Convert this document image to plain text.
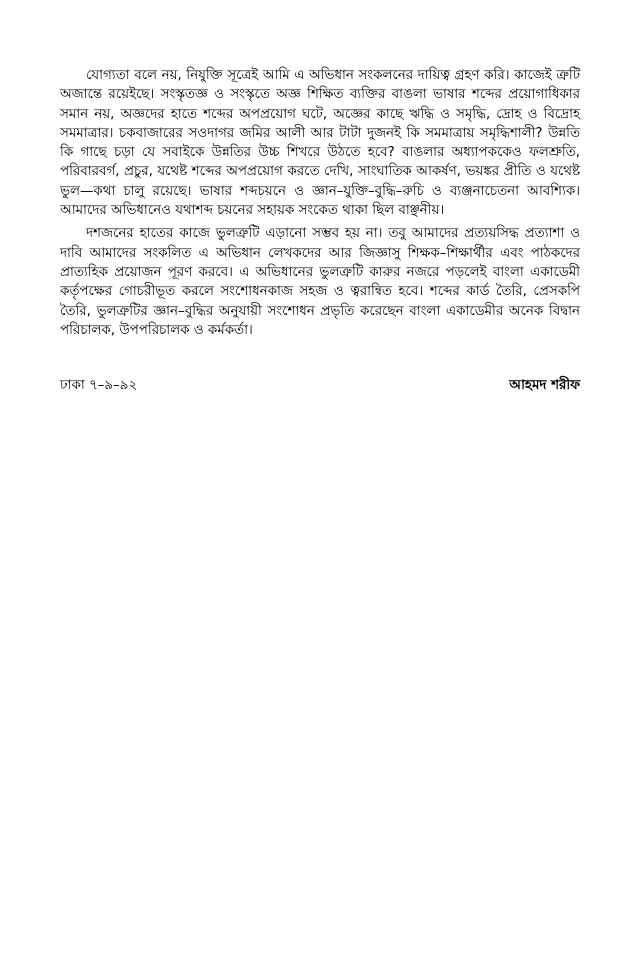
যোগ্যতা বলে নয়, নিযুক্তি সূত্রেই আমি এ অভিধান সংকলনের দায়িত্ব গ্রহণ করি। কাজেই ত্রুটি অজান্তে রয়েইছে। সংস্কৃতজ্ঞ ও সংস্কৃতে অজ্ঞ শিক্ষিত ব্যক্তির বাঙলা ভাষার শব্দের প্রয়োগাধিকার সমান নয়, অজ্ঞদের হাতে শব্দের অপপ্রয়োগ ঘটে, অজ্ঞের কাছে ঋদ্ধি ও সমৃদ্ধি, দ্রোহ ও বিদ্রোহ সমমাত্রার। চকবাজারের সওদাগর জমির আলী আর টাটা দুজনই কি সমমাত্রায় সমৃদ্ধিশালী? উন্নতি কি গাছে চড়া যে সবাইকে উন্নতির উচ্চ শিখরে উঠতে হবে? বাঙলার অধ্যাপককেও ফলশ্রুতি, পরিবারবর্গ, প্রচুর, যথেষ্ট শব্দের অপপ্রয়োগ করতে দেখি, সাংঘাতিক আকর্ষণ, ভয়ঙ্কর প্রীতি ও যথেষ্ট ভুল—কথা চালু রয়েছে। ভাষার শব্দচয়নে ও জ্ঞান–যুক্তি–বুদ্ধি–রুচি ও ব্যঞ্জনাচেতনা আবশ্যিক। আমাদের অভিধানেও যথাশব্দ চয়নের সহায়ক সংকেত থাকা ছিল বাঞ্ছনীয়।

দশজনের হাতের কাজে ভুলত্রুটি এড়ানো সম্ভব হয় না। তবু আমাদের প্রত্যয়সিদ্ধ প্রত্যাশা ও দাবি আমাদের সংকলিত এ অভিধান লেখকদের আর জিজ্ঞাসু শিক্ষক–শিক্ষার্থীর এবং পাঠকদের প্রাত্যহিক প্রয়োজন পূরণ করবে। এ অভিধানের ভুলত্রুটি কারুর নজরে পড়লেই বাংলা একাডেমী কর্তৃপক্ষের গোচরীভূত করলে সংশোধনকাজ সহজ ও ত্বরান্বিত হবে। শব্দের কার্ড তৈরি, প্রেসকপি তৈরি, ভুলত্রুটির জ্ঞান–বুদ্ধির অনুযায়ী সংশোধন প্রভৃতি করেছেন বাংলা একাডেমীর অনেক বিদ্বান পরিচালক, উপপরিচালক ও কর্মকর্তা।

ঢাকা ৭–৯–৯২	আহমদ শরীফ
